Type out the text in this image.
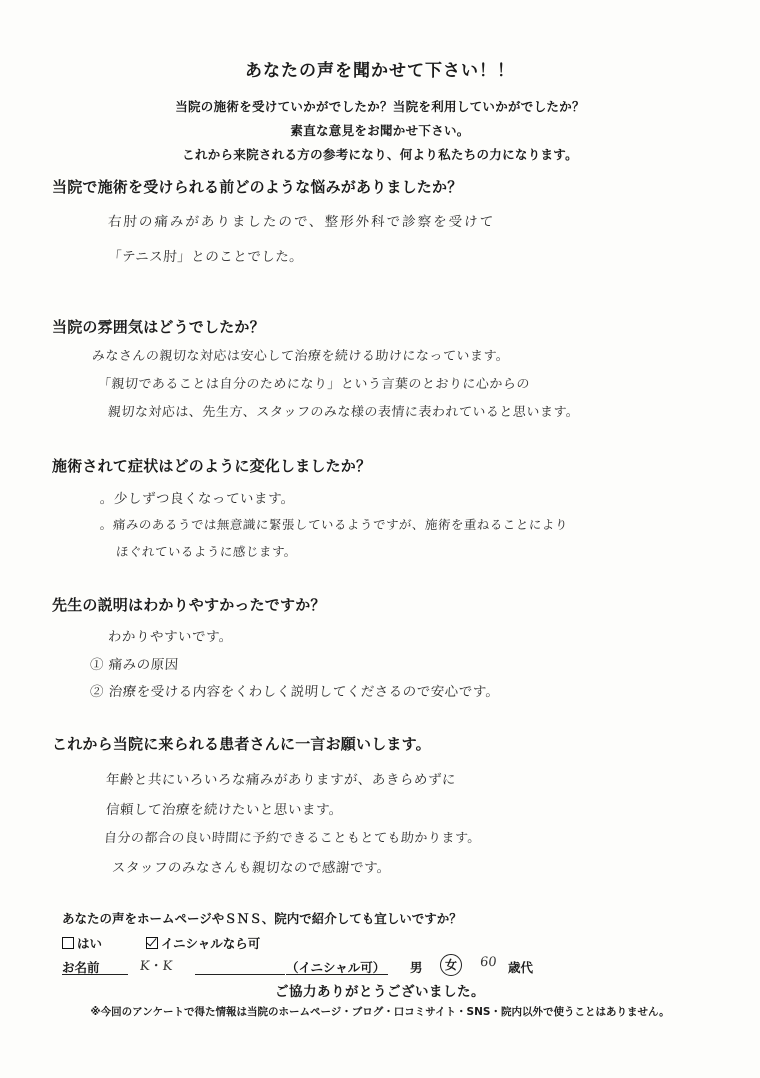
あなたの声を聞かせて下さい！！
当院の施術を受けていかがでしたか？当院を利用していかがでしたか？
素直な意見をお聞かせ下さい。
これから来院される方の参考になり、何より私たちの力になります。
当院で施術を受けられる前どのような悩みがありましたか？
右肘の痛みがありましたので、整形外科で診察を受けて
「テニス肘」とのことでした。
当院の雰囲気はどうでしたか？
みなさんの親切な対応は安心して治療を続ける助けになっています。
「親切であることは自分のためになり」という言葉のとおりに心からの
親切な対応は、先生方、スタッフのみな様の表情に表われていると思います。
施術されて症状はどのように変化しましたか？
。少しずつ良くなっています。
。痛みのあるうでは無意識に緊張しているようですが、施術を重ねることにより
ほぐれているように感じます。
先生の説明はわかりやすかったですか？
わかりやすいです。
① 痛みの原因
② 治療を受ける内容をくわしく説明してくださるので安心です。
これから当院に来られる患者さんに一言お願いします。
年齢と共にいろいろな痛みがありますが、あきらめずに
信頼して治療を続けたいと思います。
自分の都合の良い時間に予約できることもとても助かります。
スタッフのみなさんも親切なので感謝です。
あなたの声をホームページやＳＮＳ、院内で紹介しても宜しいですか？
はい	イニシャルなら可
お名前	K・K	（イニシャル可） 男	女	60 歳代
ご協力ありがとうございました。
※今回のアンケートで得た情報は当院のホームページ・ブログ・口コミサイト・SNS・院内以外で使うことはありません。
